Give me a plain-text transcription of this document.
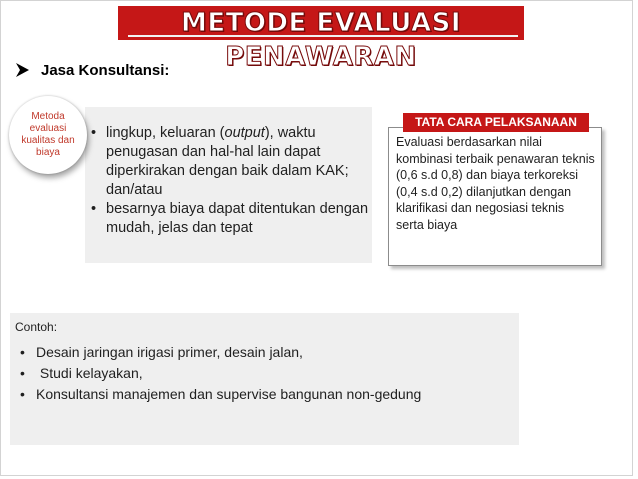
METODE EVALUASI PENAWARAN
Jasa Konsultansi:
• lingkup, keluaran (output), waktu penugasan dan hal-hal lain dapat diperkirakan dengan baik dalam KAK; dan/atau
• besarnya biaya dapat ditentukan dengan mudah, jelas dan tepat
Metoda evaluasi kualitas dan biaya
Evaluasi berdasarkan nilai kombinasi terbaik penawaran teknis (0,6 s.d 0,8) dan biaya terkoreksi (0,4 s.d 0,2) dilanjutkan dengan klarifikasi dan negosiasi teknis serta biaya
TATA CARA PELAKSANAAN
Contoh:
• Desain jaringan irigasi primer, desain jalan,
• Studi kelayakan,
• Konsultansi manajemen dan supervise bangunan non-gedung
